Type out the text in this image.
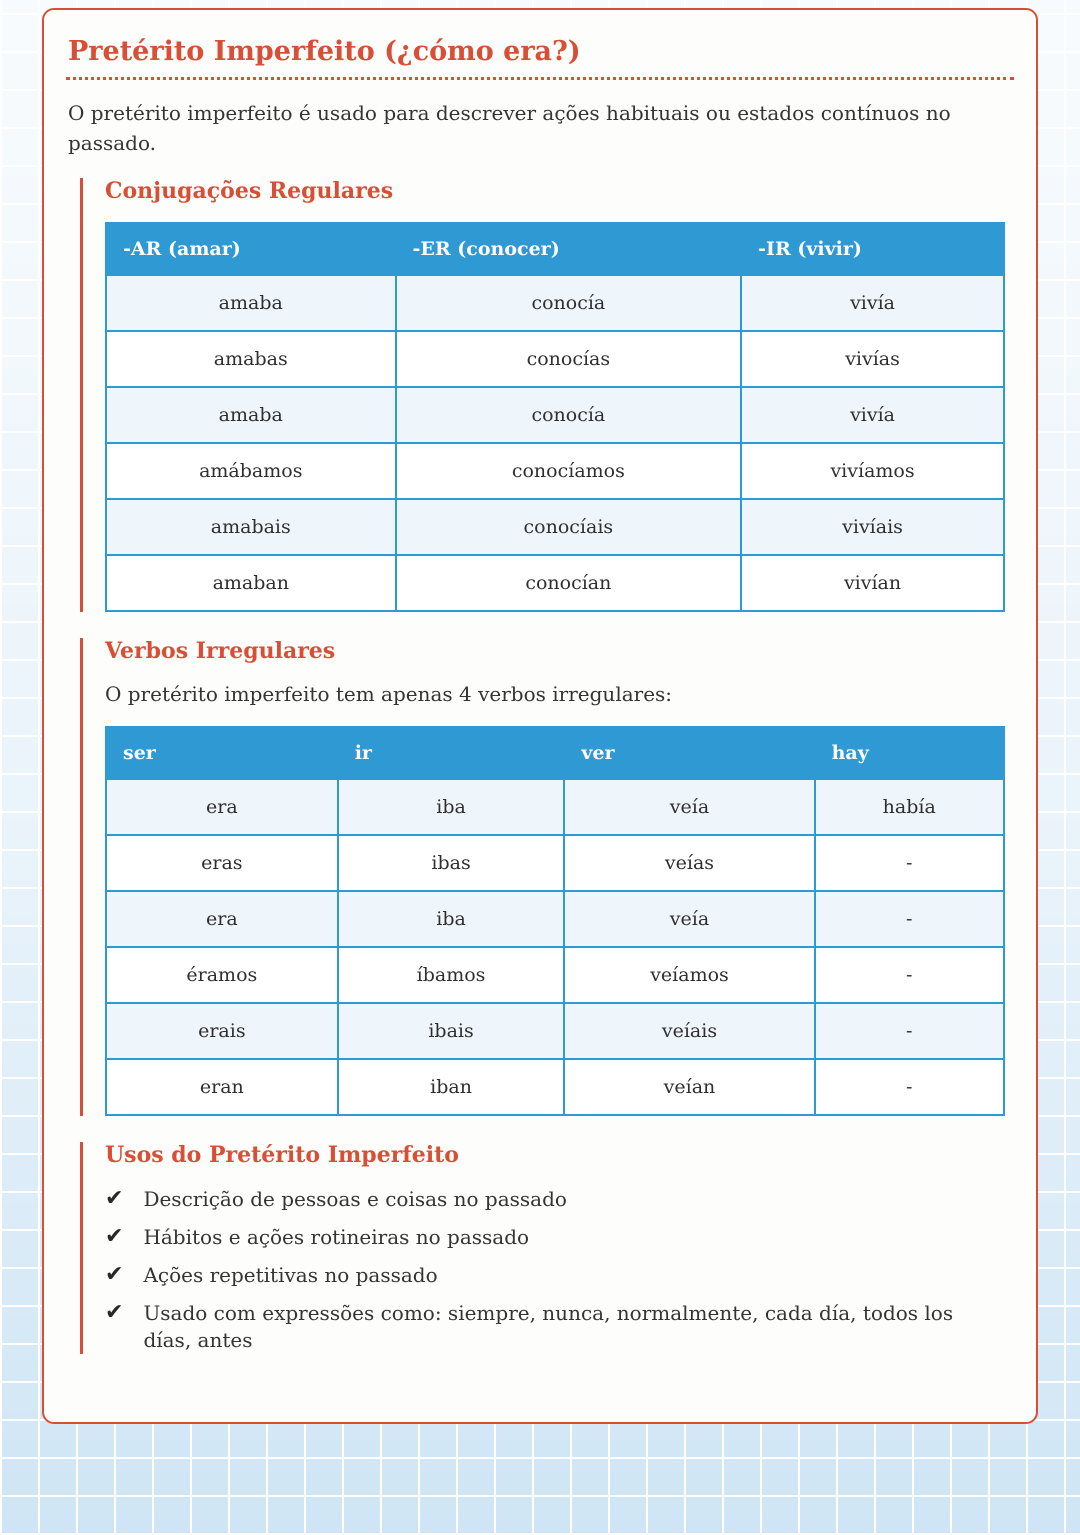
Pretérito Imperfeito (¿cómo era?)

O pretérito imperfeito é usado para descrever ações habituais ou estados contínuos no passado.

Conjugações Regulares
-AR (amar)	-ER (conocer)	-IR (vivir)
amaba	conocía	vivía
amabas	conocías	vivías
amaba	conocía	vivía
amábamos	conocíamos	vivíamos
amabais	conocíais	vivíais
amaban	conocían	vivían
Verbos Irregulares

O pretérito imperfeito tem apenas 4 verbos irregulares:

ser	ir	ver	hay
era	iba	veía	había
eras	ibas	veías	-
era	iba	veía	-
éramos	íbamos	veíamos	-
erais	ibais	veíais	-
eran	iban	veían	-
Usos do Pretérito Imperfeito
✔ Descrição de pessoas e coisas no passado
✔ Hábitos e ações rotineiras no passado
✔ Ações repetitivas no passado
✔ Usado com expressões como: siempre, nunca, normalmente, cada día, todos los días, antes
